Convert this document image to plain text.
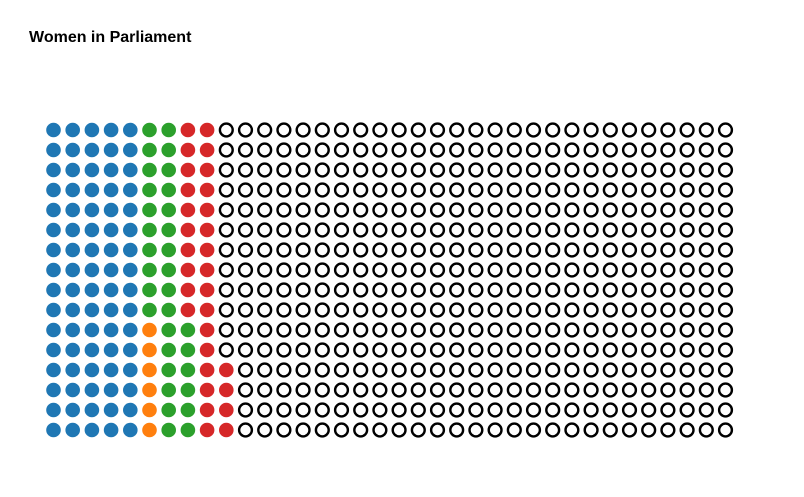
Women in Parliament
